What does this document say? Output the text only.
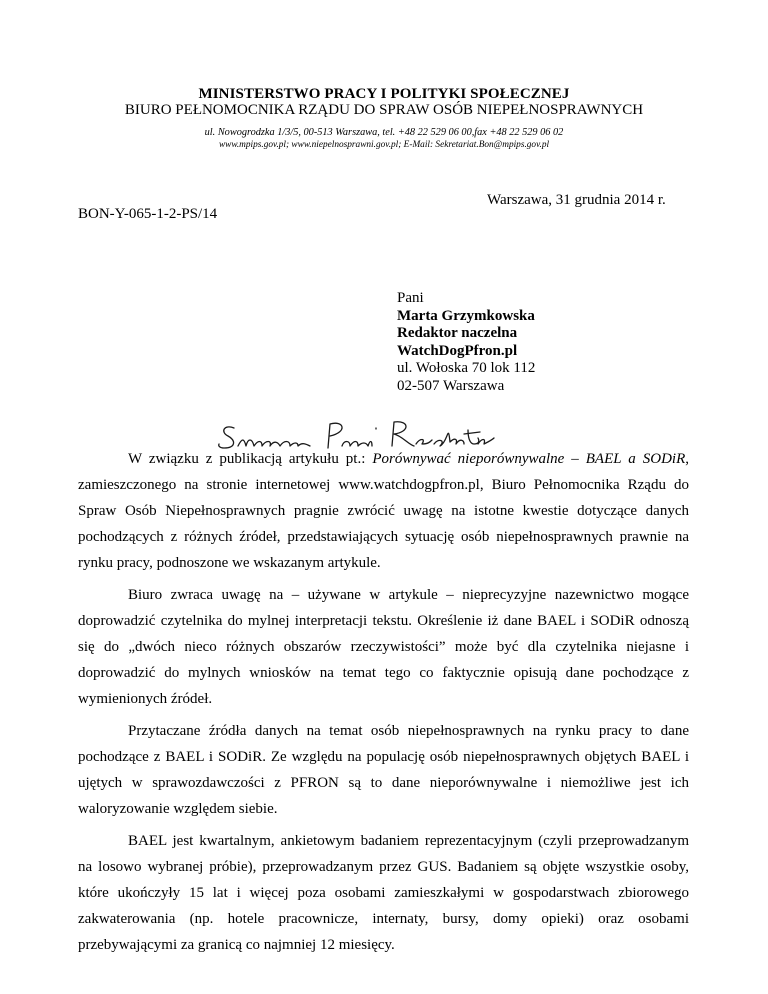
MINISTERSTWO PRACY I POLITYKI SPOŁECZNEJ
BIURO PEŁNOMOCNIKA RZĄDU DO SPRAW OSÓB NIEPEŁNOSPRAWNYCH
ul. Nowogrodzka 1/3/5, 00-513 Warszawa, tel. +48 22 529 06 00,fax +48 22 529 06 02
www.mpips.gov.pl; www.niepelnosprawni.gov.pl; E-Mail: Sekretariat.Bon@mpips.gov.pl
Warszawa, 31 grudnia 2014 r.
BON-Y-065-1-2-PS/14
Pani
Marta Grzymkowska
Redaktor naczelna
WatchDogPfron.pl
ul. Wołoska 70 lok 112
02-507 Warszawa

W związku z publikacją artykułu pt.: Porównywać nieporównywalne – BAEL a SODiR, zamieszczonego na stronie internetowej www.watchdogpfron.pl, Biuro Pełnomocnika Rządu do Spraw Osób Niepełnosprawnych pragnie zwrócić uwagę na istotne kwestie dotyczące danych pochodzących z różnych źródeł, przedstawiających sytuację osób niepełnosprawnych prawnie na rynku pracy, podnoszone we wskazanym artykule.

Biuro zwraca uwagę na – używane w artykule – nieprecyzyjne nazewnictwo mogące doprowadzić czytelnika do mylnej interpretacji tekstu. Określenie iż dane BAEL i SODiR odnoszą się do „dwóch nieco różnych obszarów rzeczywistości” może być dla czytelnika niejasne i doprowadzić do mylnych wniosków na temat tego co faktycznie opisują dane pochodzące z wymienionych źródeł.

Przytaczane źródła danych na temat osób niepełnosprawnych na rynku pracy to dane pochodzące z BAEL i SODiR. Ze względu na populację osób niepełnosprawnych objętych BAEL i ujętych w sprawozdawczości z PFRON są to dane nieporównywalne i niemożliwe jest ich waloryzowanie względem siebie.

BAEL jest kwartalnym, ankietowym badaniem reprezentacyjnym (czyli przeprowadzanym na losowo wybranej próbie), przeprowadzanym przez GUS. Badaniem są objęte wszystkie osoby, które ukończyły 15 lat i więcej poza osobami zamieszkałymi w gospodarstwach zbiorowego zakwaterowania (np. hotele pracownicze, internaty, bursy, domy opieki) oraz osobami przebywającymi za granicą co najmniej 12 miesięcy.
